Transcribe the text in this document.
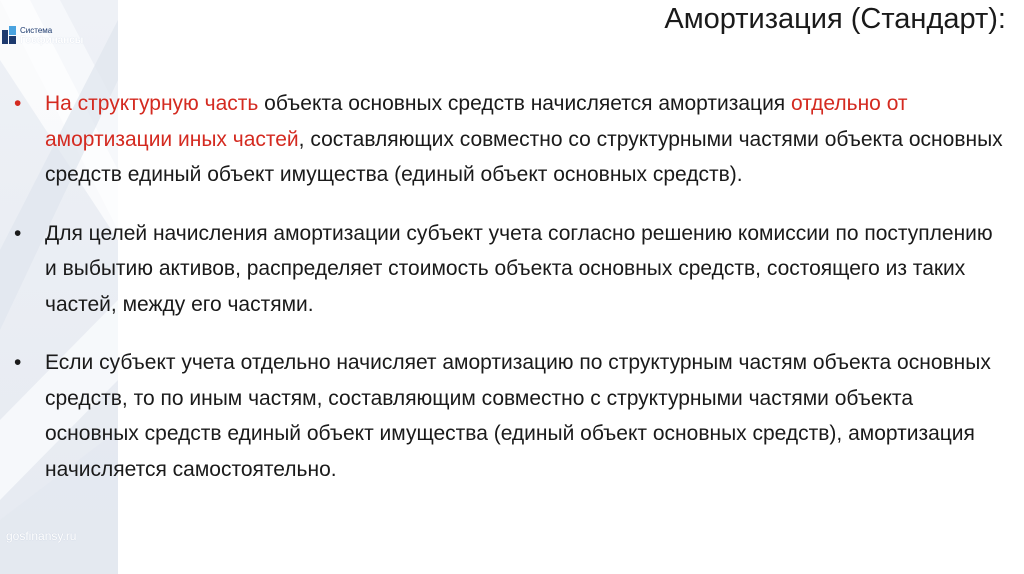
Система
Госфинансы
gosfinansy.ru
Амортизация (Стандарт):
• На структурную часть объекта основных средств начисляется амортизация отдельно от амортизации иных частей, составляющих совместно со структурными частями объекта основных средств единый объект имущества (единый объект основных средств).
• Для целей начисления амортизации субъект учета согласно решению комиссии по поступлению и выбытию активов, распределяет стоимость объекта основных средств, состоящего из таких частей, между его частями.
• Если субъект учета отдельно начисляет амортизацию по структурным частям объекта основных средств, то по иным частям, составляющим совместно с структурными частями объекта основных средств единый объект имущества (единый объект основных средств), амортизация начисляется самостоятельно.
